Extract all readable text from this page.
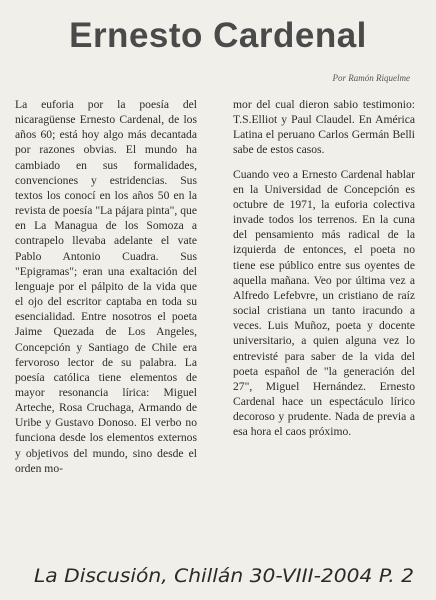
Ernesto Cardenal
Por Ramón Riquelme

La euforia por la poesía del nicaragüense Ernesto Cardenal, de los años 60; está hoy algo más decantada por razones obvias. El mundo ha cambiado en sus formalidades, convenciones y estridencias. Sus textos los conocí en los años 50 en la revista de poesía "La pájara pinta", que en La Managua de los Somoza a contrapelo llevaba adelante el vate Pablo Antonio Cuadra. Sus "Epigramas"; eran una exaltación del lenguaje por el pálpito de la vida que el ojo del escritor captaba en toda su esencialidad. Entre nosotros el poeta Jaime Quezada de Los Angeles, Concepción y Santiago de Chile era fervoroso lector de su palabra. La poesía católica tiene elementos de mayor resonancia lírica: Miguel Arteche, Rosa Cruchaga, Armando de Uribe y Gustavo Donoso. El verbo no funciona desde los elementos externos y objetivos del mundo, sino desde el orden mo-

mor del cual dieron sabio testimonio: T.S.Elliot y Paul Claudel. En América Latina el peruano Carlos Germán Belli sabe de estos casos.

Cuando veo a Ernesto Cardenal hablar en la Universidad de Concepción es octubre de 1971, la euforia colectiva invade todos los terrenos. En la cuna del pensamiento más radical de la izquierda de entonces, el poeta no tiene ese público entre sus oyentes de aquella mañana. Veo por última vez a Alfredo Lefebvre, un cristiano de raíz social cristiana un tanto iracundo a veces. Luis Muñoz, poeta y docente universitario, a quien alguna vez lo entrevisté para saber de la vida del poeta español de "la generación del 27", Miguel Hernández. Ernesto Cardenal hace un espectáculo lírico decoroso y prudente. Nada de previa a esa hora el caos próximo.

La Discusión, Chillán 30-VIII-2004 P. 2
